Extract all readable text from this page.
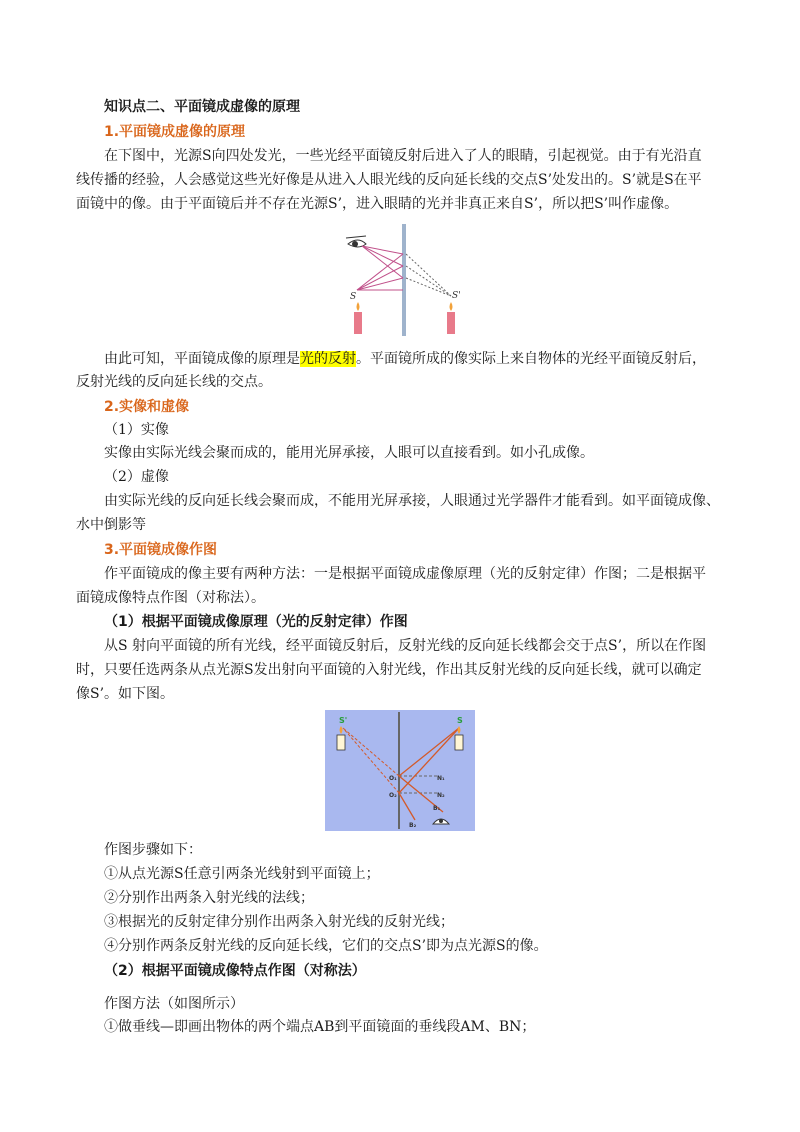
知识点二、平面镜成虚像的原理
1.平面镜成虚像的原理
在下图中，光源S向四处发光，一些光经平面镜反射后进入了人的眼睛，引起视觉。由于有光沿直
线传播的经验，人会感觉这些光好像是从进入人眼光线的反向延长线的交点S’处发出的。S’就是S在平
面镜中的像。由于平面镜后并不存在光源S’，进入眼睛的光并非真正来自S’，所以把S’叫作虚像。
S	S'
由此可知，平面镜成像的原理是光的反射。平面镜所成的像实际上来自物体的光经平面镜反射后，
反射光线的反向延长线的交点。
2.实像和虚像
（1）实像
实像由实际光线会聚而成的，能用光屏承接，人眼可以直接看到。如小孔成像。
（2）虚像
由实际光线的反向延长线会聚而成，不能用光屏承接，人眼通过光学器件才能看到。如平面镜成像、
水中倒影等
3.平面镜成像作图
作平面镜成的像主要有两种方法：一是根据平面镜成虚像原理（光的反射定律）作图；二是根据平
面镜成像特点作图（对称法）。
（1）根据平面镜成像原理（光的反射定律）作图
从S 射向平面镜的所有光线，经平面镜反射后，反射光线的反向延长线都会交于点S’，所以在作图
时，只要任选两条从点光源S发出射向平面镜的入射光线，作出其反射光线的反向延长线，就可以确定
像S’。如下图。
S
S'
O₁
O₂
N₁
N₂
B₁
B₂
作图步骤如下：
①从点光源S任意引两条光线射到平面镜上；
②分别作出两条入射光线的法线；
③根据光的反射定律分别作出两条入射光线的反射光线；
④分别作两条反射光线的反向延长线，它们的交点S’即为点光源S的像。
（2）根据平面镜成像特点作图（对称法）
作图方法（如图所示）
①做垂线—即画出物体的两个端点AB到平面镜面的垂线段AM、BN；
